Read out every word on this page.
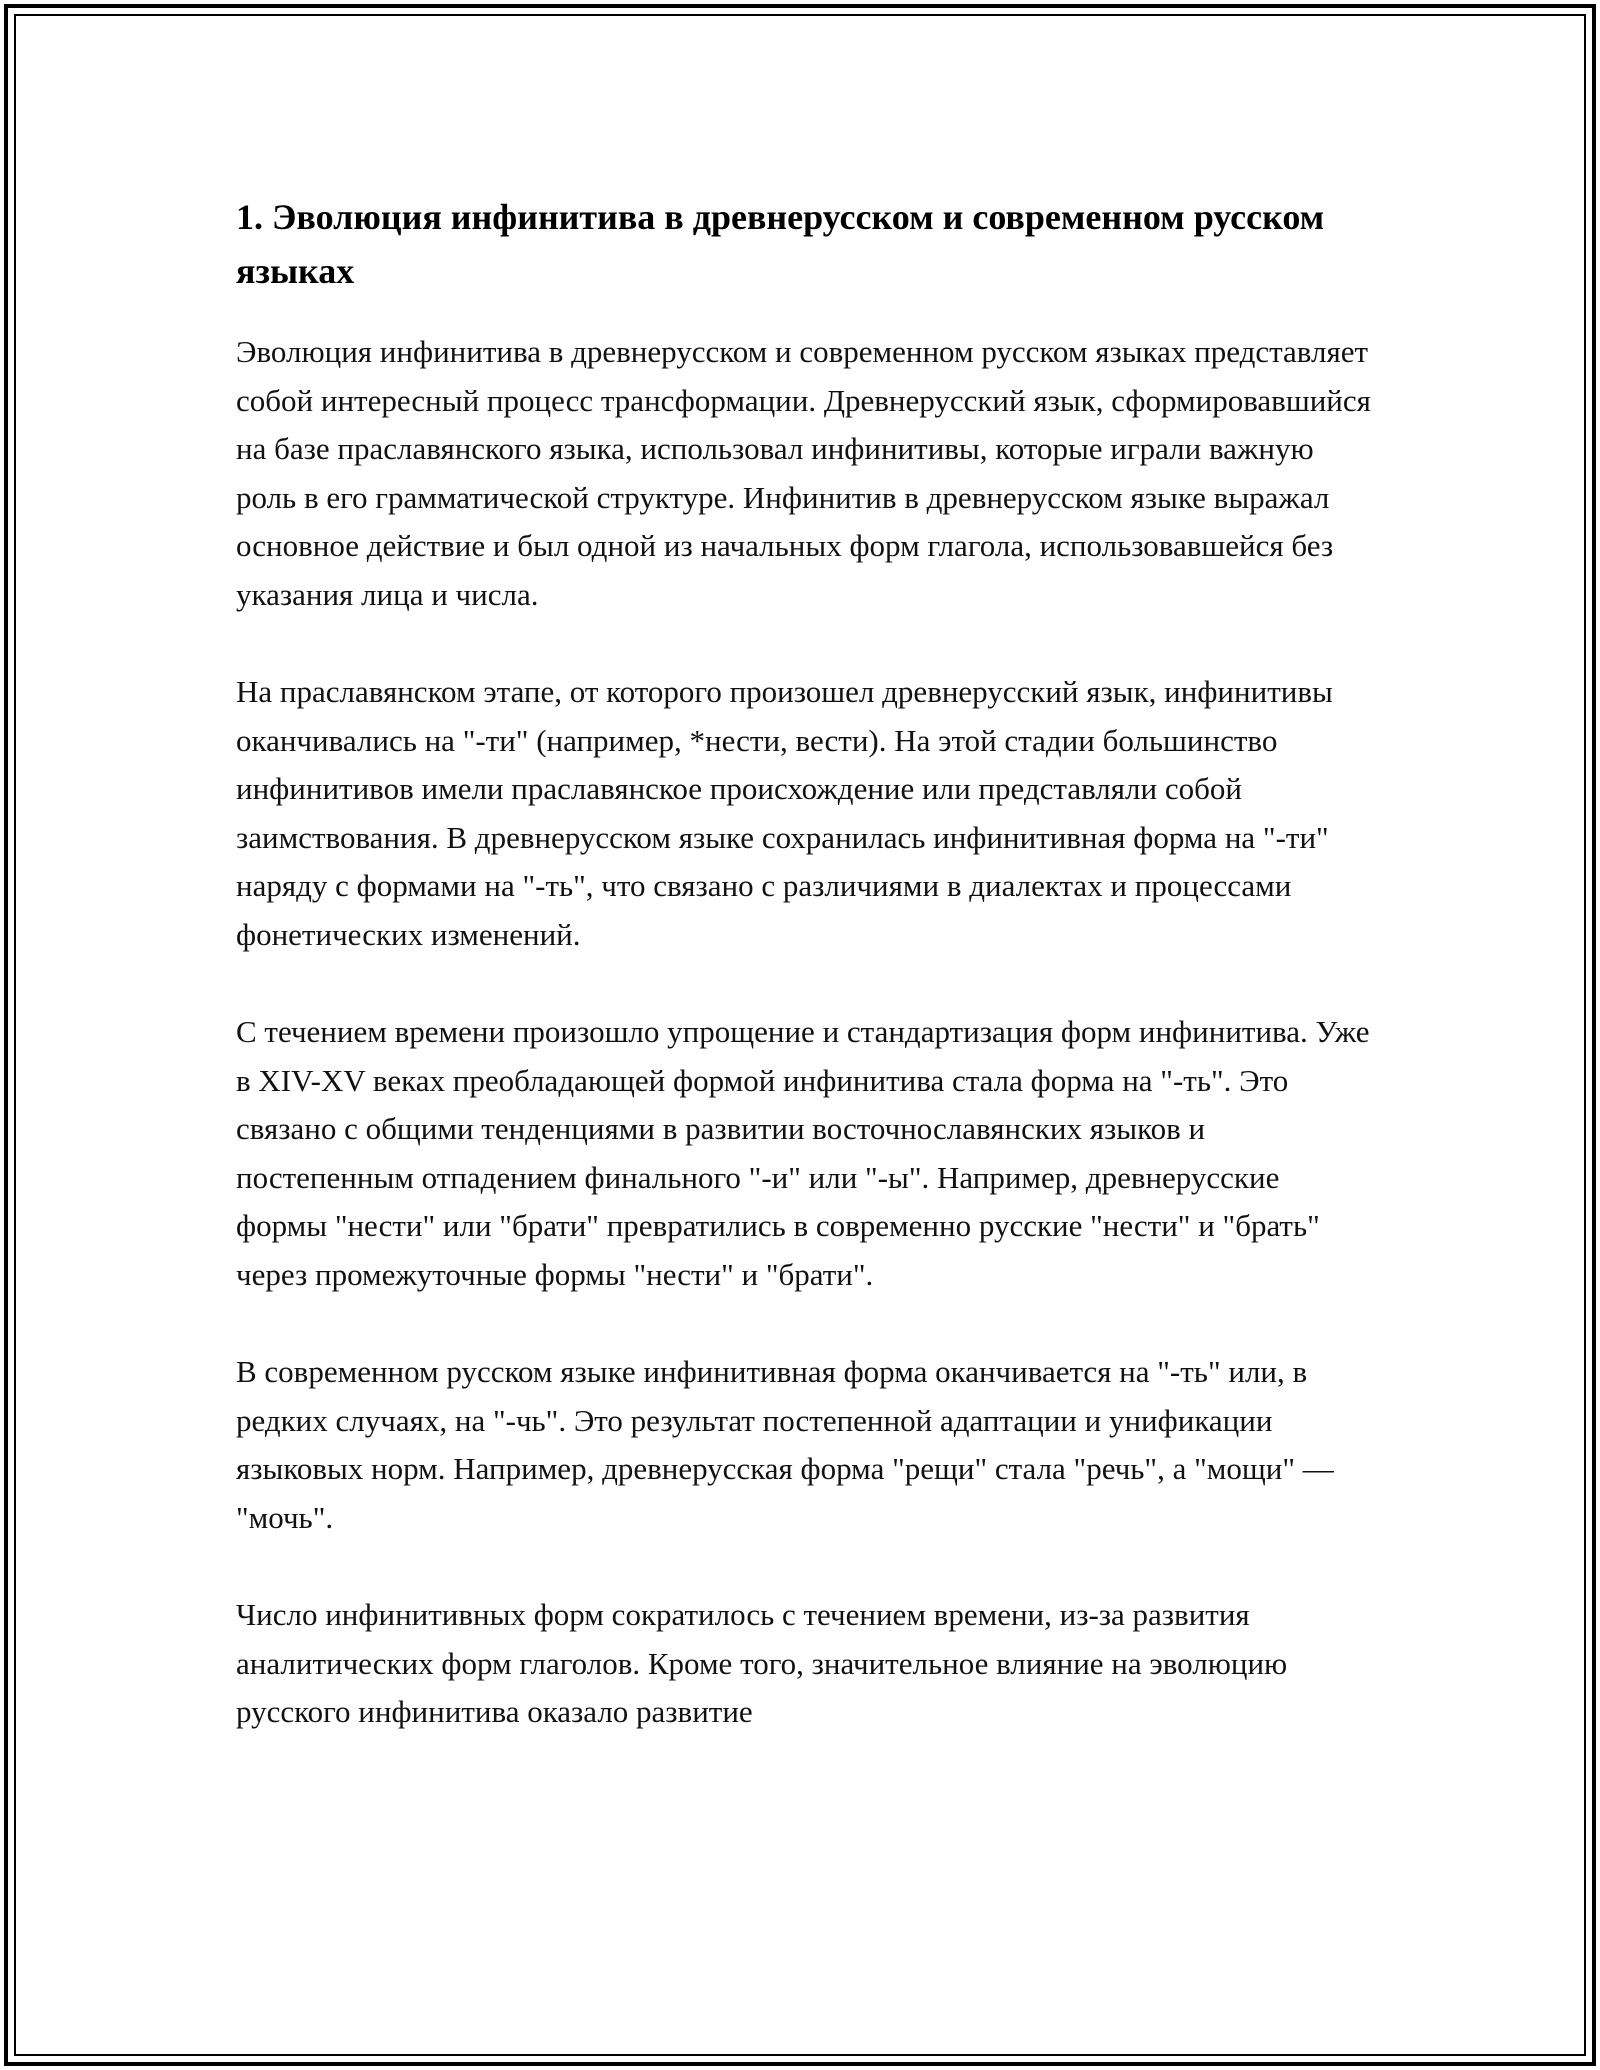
1. Эволюция инфинитива в древнерусском и современном русском языках

Эволюция инфинитива в древнерусском и современном русском языках представляет собой интересный процесс трансформации. Древнерусский язык, сформировавшийся на базе праславянского языка, использовал инфинитивы, которые играли важную роль в его грамматической структуре. Инфинитив в древнерусском языке выражал основное действие и был одной из начальных форм глагола, использовавшейся без указания лица и числа.

На праславянском этапе, от которого произошел древнерусский язык, инфинитивы оканчивались на "-ти" (например, *нести, вести). На этой стадии большинство инфинитивов имели праславянское происхождение или представляли собой заимствования. В древнерусском языке сохранилась инфинитивная форма на "-ти" наряду с формами на "-ть", что связано с различиями в диалектах и процессами фонетических изменений.

С течением времени произошло упрощение и стандартизация форм инфинитива. Уже в XIV-XV веках преобладающей формой инфинитива стала форма на "-ть". Это связано с общими тенденциями в развитии восточнославянских языков и постепенным отпадением финального "-и" или "-ы". Например, древнерусские формы "нести" или "брати" превратились в современно русские "нести" и "брать" через промежуточные формы "нести" и "брати".

В современном русском языке инфинитивная форма оканчивается на "-ть" или, в редких случаях, на "-чь". Это результат постепенной адаптации и унификации языковых норм. Например, древнерусская форма "рещи" стала "речь", а "мощи" — "мочь".

Число инфинитивных форм сократилось с течением времени, из-за развития аналитических форм глаголов. Кроме того, значительное влияние на эволюцию русского инфинитива оказало развитие
